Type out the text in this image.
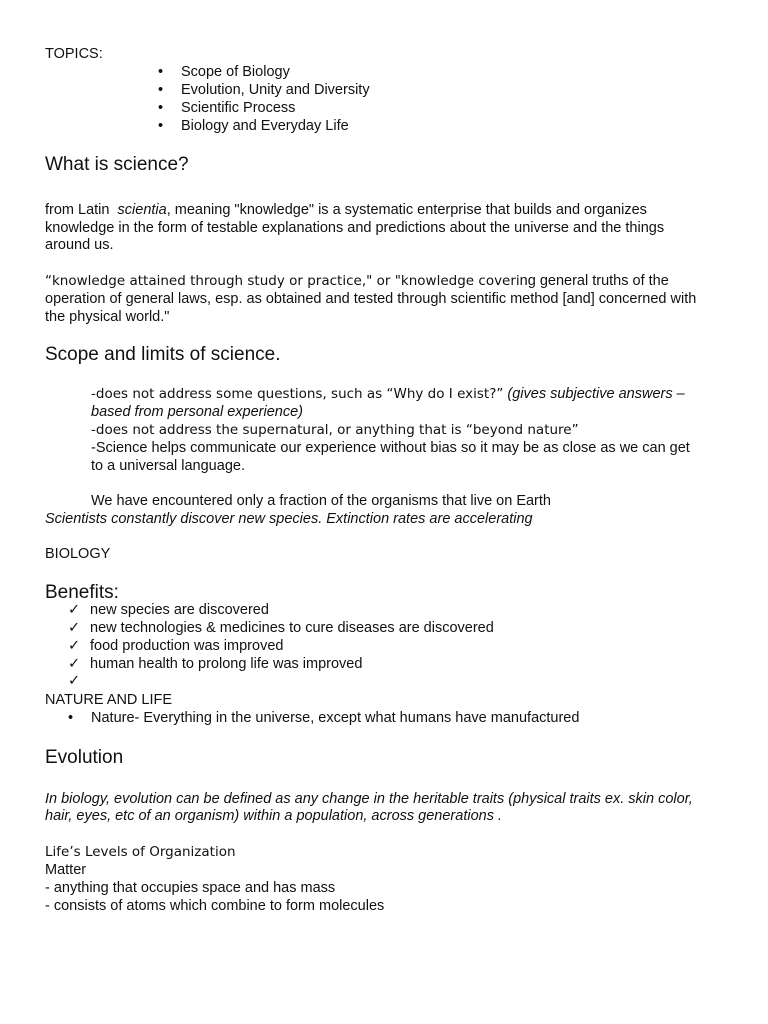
TOPICS:
• Scope of Biology
• Evolution, Unity and Diversity
• Scientific Process
• Biology and Everyday Life
What is science?
from Latin scientia, meaning "knowledge" is a systematic enterprise that builds and organizes
knowledge in the form of testable explanations and predictions about the universe and the things
around us.
“knowledge attained through study or practice," or "knowledge covering general truths of the
operation of general laws, esp. as obtained and tested through scientific method [and] concerned with
the physical world."
Scope and limits of science.
-does not address some questions, such as “Why do I exist?” (gives subjective answers –
based from personal experience)
-does not address the supernatural, or anything that is “beyond nature”
-Science helps communicate our experience without bias so it may be as close as we can get
to a universal language.
We have encountered only a fraction of the organisms that live on Earth
Scientists constantly discover new species. Extinction rates are accelerating
BIOLOGY
Benefits:
✓ new species are discovered
✓ new technologies & medicines to cure diseases are discovered
✓ food production was improved
✓ human health to prolong life was improved
✓
NATURE AND LIFE
• Nature- Everything in the universe, except what humans have manufactured
Evolution
In biology, evolution can be defined as any change in the heritable traits (physical traits ex. skin color,
hair, eyes, etc of an organism) within a population, across generations .
Life’s Levels of Organization
Matter
- anything that occupies space and has mass
- consists of atoms which combine to form molecules
